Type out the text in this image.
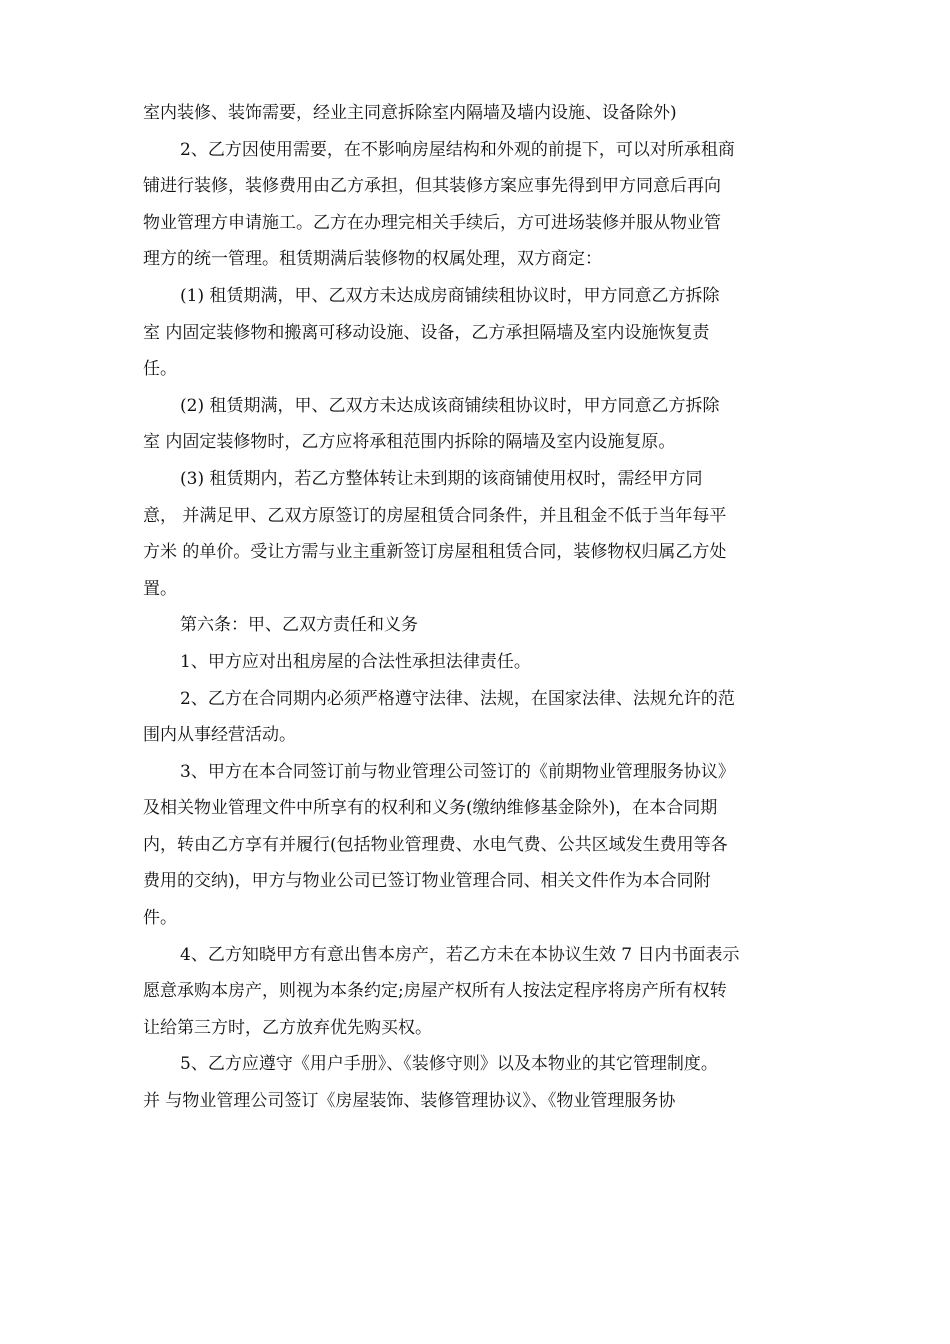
室内装修、装饰需要，经业主同意拆除室内隔墙及墙内设施、设备除外)

2、乙方因使用需要，在不影响房屋结构和外观的前提下，可以对所承租商
铺进行装修，装修费用由乙方承担，但其装修方案应事先得到甲方同意后再向
物业管理方申请施工。乙方在办理完相关手续后，方可进场装修并服从物业管
理方的统一管理。租赁期满后装修物的权属处理，双方商定：

(1) 租赁期满，甲、乙双方未达成房商铺续租协议时，甲方同意乙方拆除
室 内固定装修物和搬离可移动设施、设备，乙方承担隔墙及室内设施恢复责
任。

(2) 租赁期满，甲、乙双方未达成该商铺续租协议时，甲方同意乙方拆除
室 内固定装修物时，乙方应将承租范围内拆除的隔墙及室内设施复原。

(3) 租赁期内，若乙方整体转让未到期的该商铺使用权时，需经甲方同
意， 并满足甲、乙双方原签订的房屋租赁合同条件，并且租金不低于当年每平
方米 的单价。受让方需与业主重新签订房屋租租赁合同，装修物权归属乙方处
置。

第六条：甲、乙双方责任和义务

1、甲方应对出租房屋的合法性承担法律责任。

2、乙方在合同期内必须严格遵守法律、法规，在国家法律、法规允许的范
围内从事经营活动。

3、甲方在本合同签订前与物业管理公司签订的《前期物业管理服务协议》
及相关物业管理文件中所享有的权利和义务(缴纳维修基金除外)，在本合同期
内，转由乙方享有并履行(包括物业管理费、水电气费、公共区域发生费用等各
费用的交纳)，甲方与物业公司已签订物业管理合同、相关文件作为本合同附
件。

4、乙方知晓甲方有意出售本房产，若乙方未在本协议生效 7 日内书面表示
愿意承购本房产，则视为本条约定;房屋产权所有人按法定程序将房产所有权转
让给第三方时，乙方放弃优先购买权。

5、乙方应遵守《用户手册》、《装修守则》以及本物业的其它管理制度。
并 与物业管理公司签订《房屋装饰、装修管理协议》、《物业管理服务协
